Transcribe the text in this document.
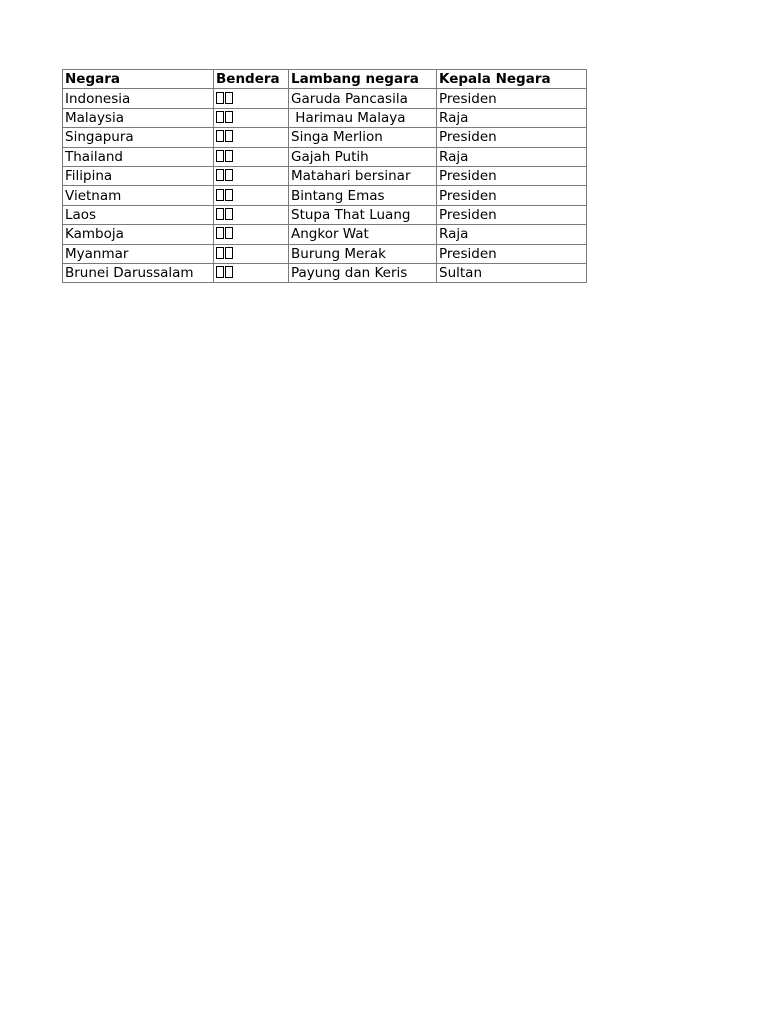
Negara	Bendera	Lambang negara	Kepala Negara
Indonesia		Garuda Pancasila	Presiden
Malaysia		Harimau Malaya	Raja
Singapura		Singa Merlion	Presiden
Thailand		Gajah Putih	Raja
Filipina		Matahari bersinar	Presiden
Vietnam		Bintang Emas	Presiden
Laos		Stupa That Luang	Presiden
Kamboja		Angkor Wat	Raja
Myanmar		Burung Merak	Presiden
Brunei Darussalam		Payung dan Keris	Sultan
